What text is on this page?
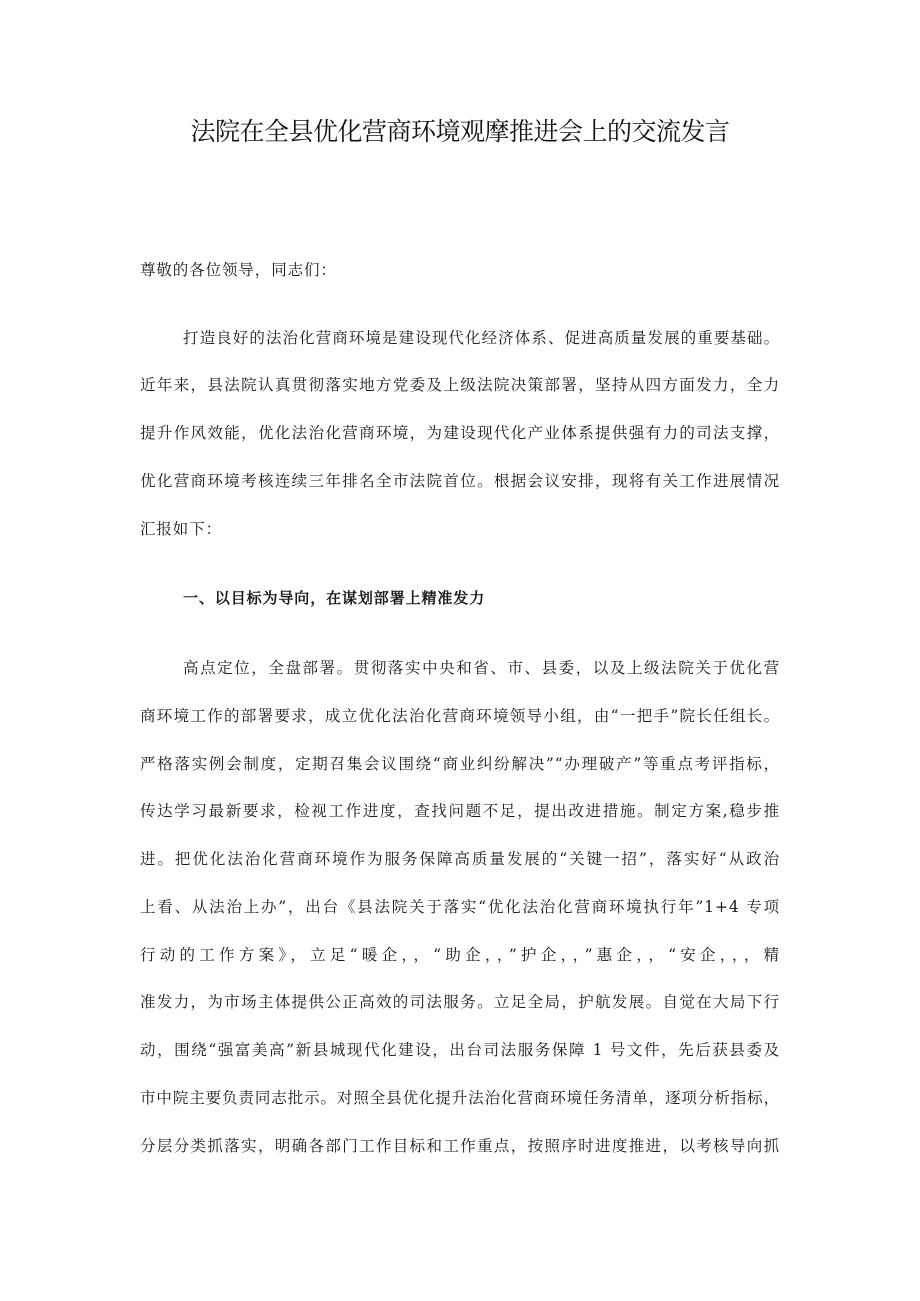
法院在全县优化营商环境观摩推进会上的交流发言
尊敬的各位领导，同志们：
打造良好的法治化营商环境是建设现代化经济体系、促进高质量发展的重要基础。
近年来，县法院认真贯彻落实地方党委及上级法院决策部署，坚持从四方面发力，全力
提升作风效能，优化法治化营商环境，为建设现代化产业体系提供强有力的司法支撑，
优化营商环境考核连续三年排名全市法院首位。根据会议安排，现将有关工作进展情况
汇报如下：
一、以目标为导向，在谋划部署上精准发力
高点定位，全盘部署。贯彻落实中央和省、市、县委，以及上级法院关于优化营
商环境工作的部署要求，成立优化法治化营商环境领导小组，由“一把手”院长任组长。
严格落实例会制度，定期召集会议围绕“商业纠纷解决”“办理破产”等重点考评指标，
传达学习最新要求，检视工作进度，查找问题不足，提出改进措施。制定方案,稳步推
进。把优化法治化营商环境作为服务保障高质量发展的“关键一招”，落实好“从政治
上看、从法治上办”，出台《县法院关于落实“优化法治化营商环境执行年”1+4 专项
行动的工作方案》，立足“暖企，，“助企，，”护企，，”惠企，，“安企，，，精
准发力，为市场主体提供公正高效的司法服务。立足全局，护航发展。自觉在大局下行
动，围绕“强富美高”新县城现代化建设，出台司法服务保障 1 号文件，先后获县委及
市中院主要负责同志批示。对照全县优化提升法治化营商环境任务清单，逐项分析指标，
分层分类抓落实，明确各部门工作目标和工作重点，按照序时进度推进，以考核导向抓
